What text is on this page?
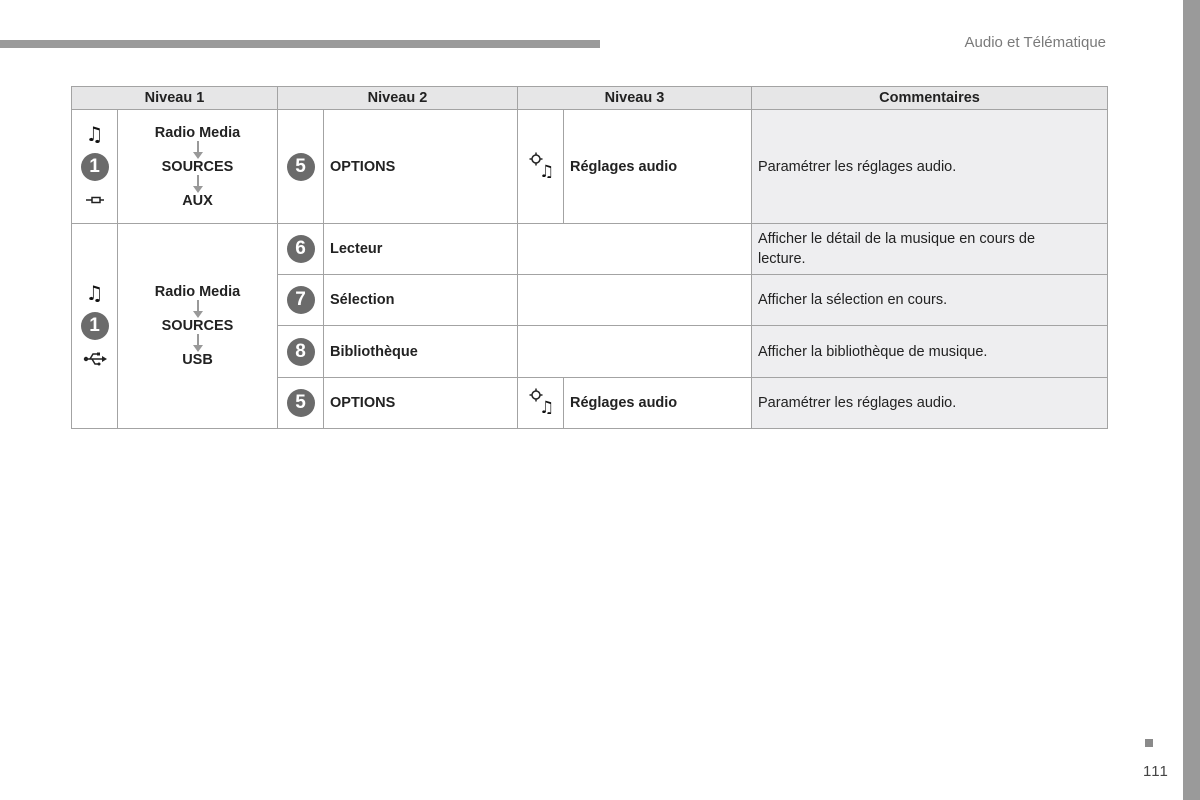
Audio et Télématique
Niveau 1		Niveau 2		Niveau 3		Commentaires

♫
1	Radio Media
SOURCES
AUX	5	OPTIONS	♫	Réglages audio	Paramétrer les réglages audio.

♫
1	Radio Media
SOURCES
USB	6	Lecteur			Afficher le détail de la musique en cours de
lecture.

		7	Sélection			Afficher la sélection en cours.
		8	Bibliothèque			Afficher la bibliothèque de musique.
		5	OPTIONS	♫	Réglages audio	Paramétrer les réglages audio.
111
